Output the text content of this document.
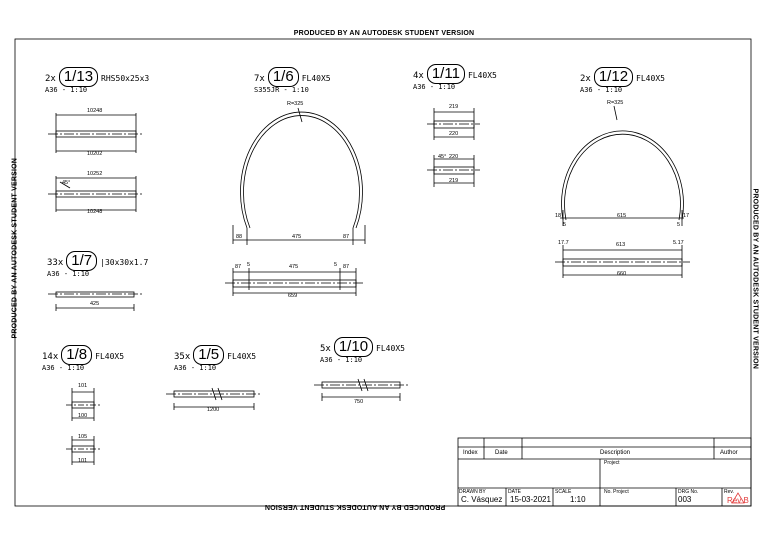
PRODUCED BY AN AUTODESK STUDENT VERSION
PRODUCED BY AN AUTODESK STUDENT VERSION
PRODUCED BY AN AUTODESK STUDENT VERSION	PRODUCED BY AN AUTODESK STUDENT VERSION
2x 1/13 RHS50x25x3
A36 - 1:10
7x 1/6 FL40X5
S355JR - 1:10
4x 1/11 FL40X5
A36 - 1:10
2x 1/12 FL40X5
A36 - 1:10
33x 1/7 |30x30x1.7
A36 - 1:10
14x 1/8 FL40X5
A36 - 1:10
35x 1/5 FL40X5
A36 - 1:10
5x 1/10 FL40X5
A36 - 1:10
10248
10202
10252
10248
45°
R=325
88	475	87
87 5	475	5 87
659
219
220
45° 220
219
R=325
18	615	17
5	5
17.7	613	5.17
660
425
101
100
105
101
1200
750
Index	Date	Description	Author
Project
DRAWN BY
C. Vásquez
DATE
15-03-2021
SCALE
1:10
No. Project	DRG No.
003
Rev.
Rev B
